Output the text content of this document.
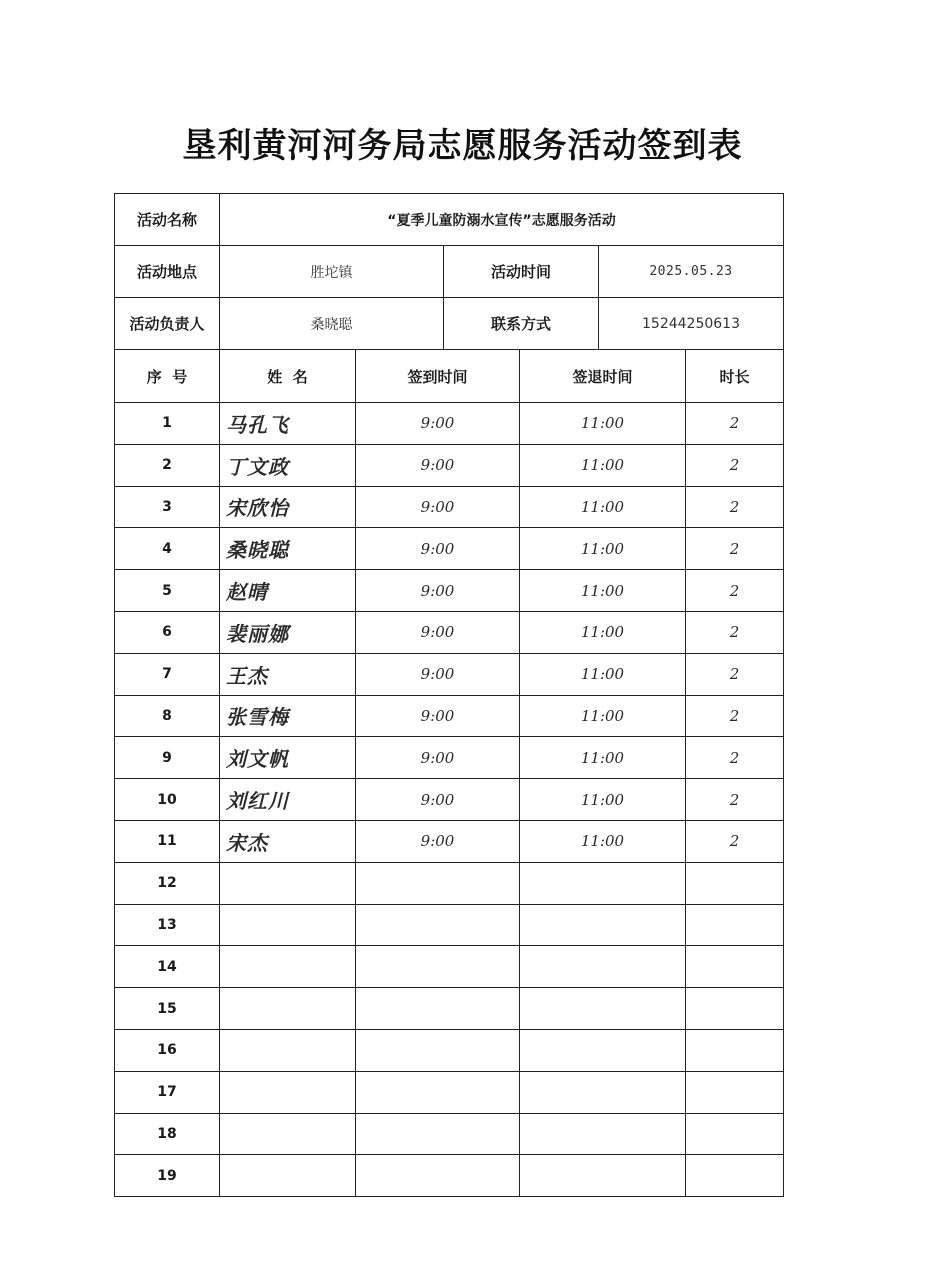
垦利黄河河务局志愿服务活动签到表
活动名称	“夏季儿童防溺水宣传”志愿服务活动					
活动地点	胜坨镇		活动时间		2025.05.23	
活动负责人	桑晓聪		联系方式		15244250613	
序  号	姓  名	签到时间		签退时间		时长
1	马孔飞	9:00		11:00		2
2	丁文政	9:00		11:00		2
3	宋欣怡	9:00		11:00		2
4	桑晓聪	9:00		11:00		2
5	赵晴	9:00		11:00		2
6	裴丽娜	9:00		11:00		2
7	王杰	9:00		11:00		2
8	张雪梅	9:00		11:00		2
9	刘文帆	9:00		11:00		2
10	刘红川	9:00		11:00		2
11	宋杰	9:00		11:00		2
12						
13						
14						
15						
16						
17						
18						
19						
